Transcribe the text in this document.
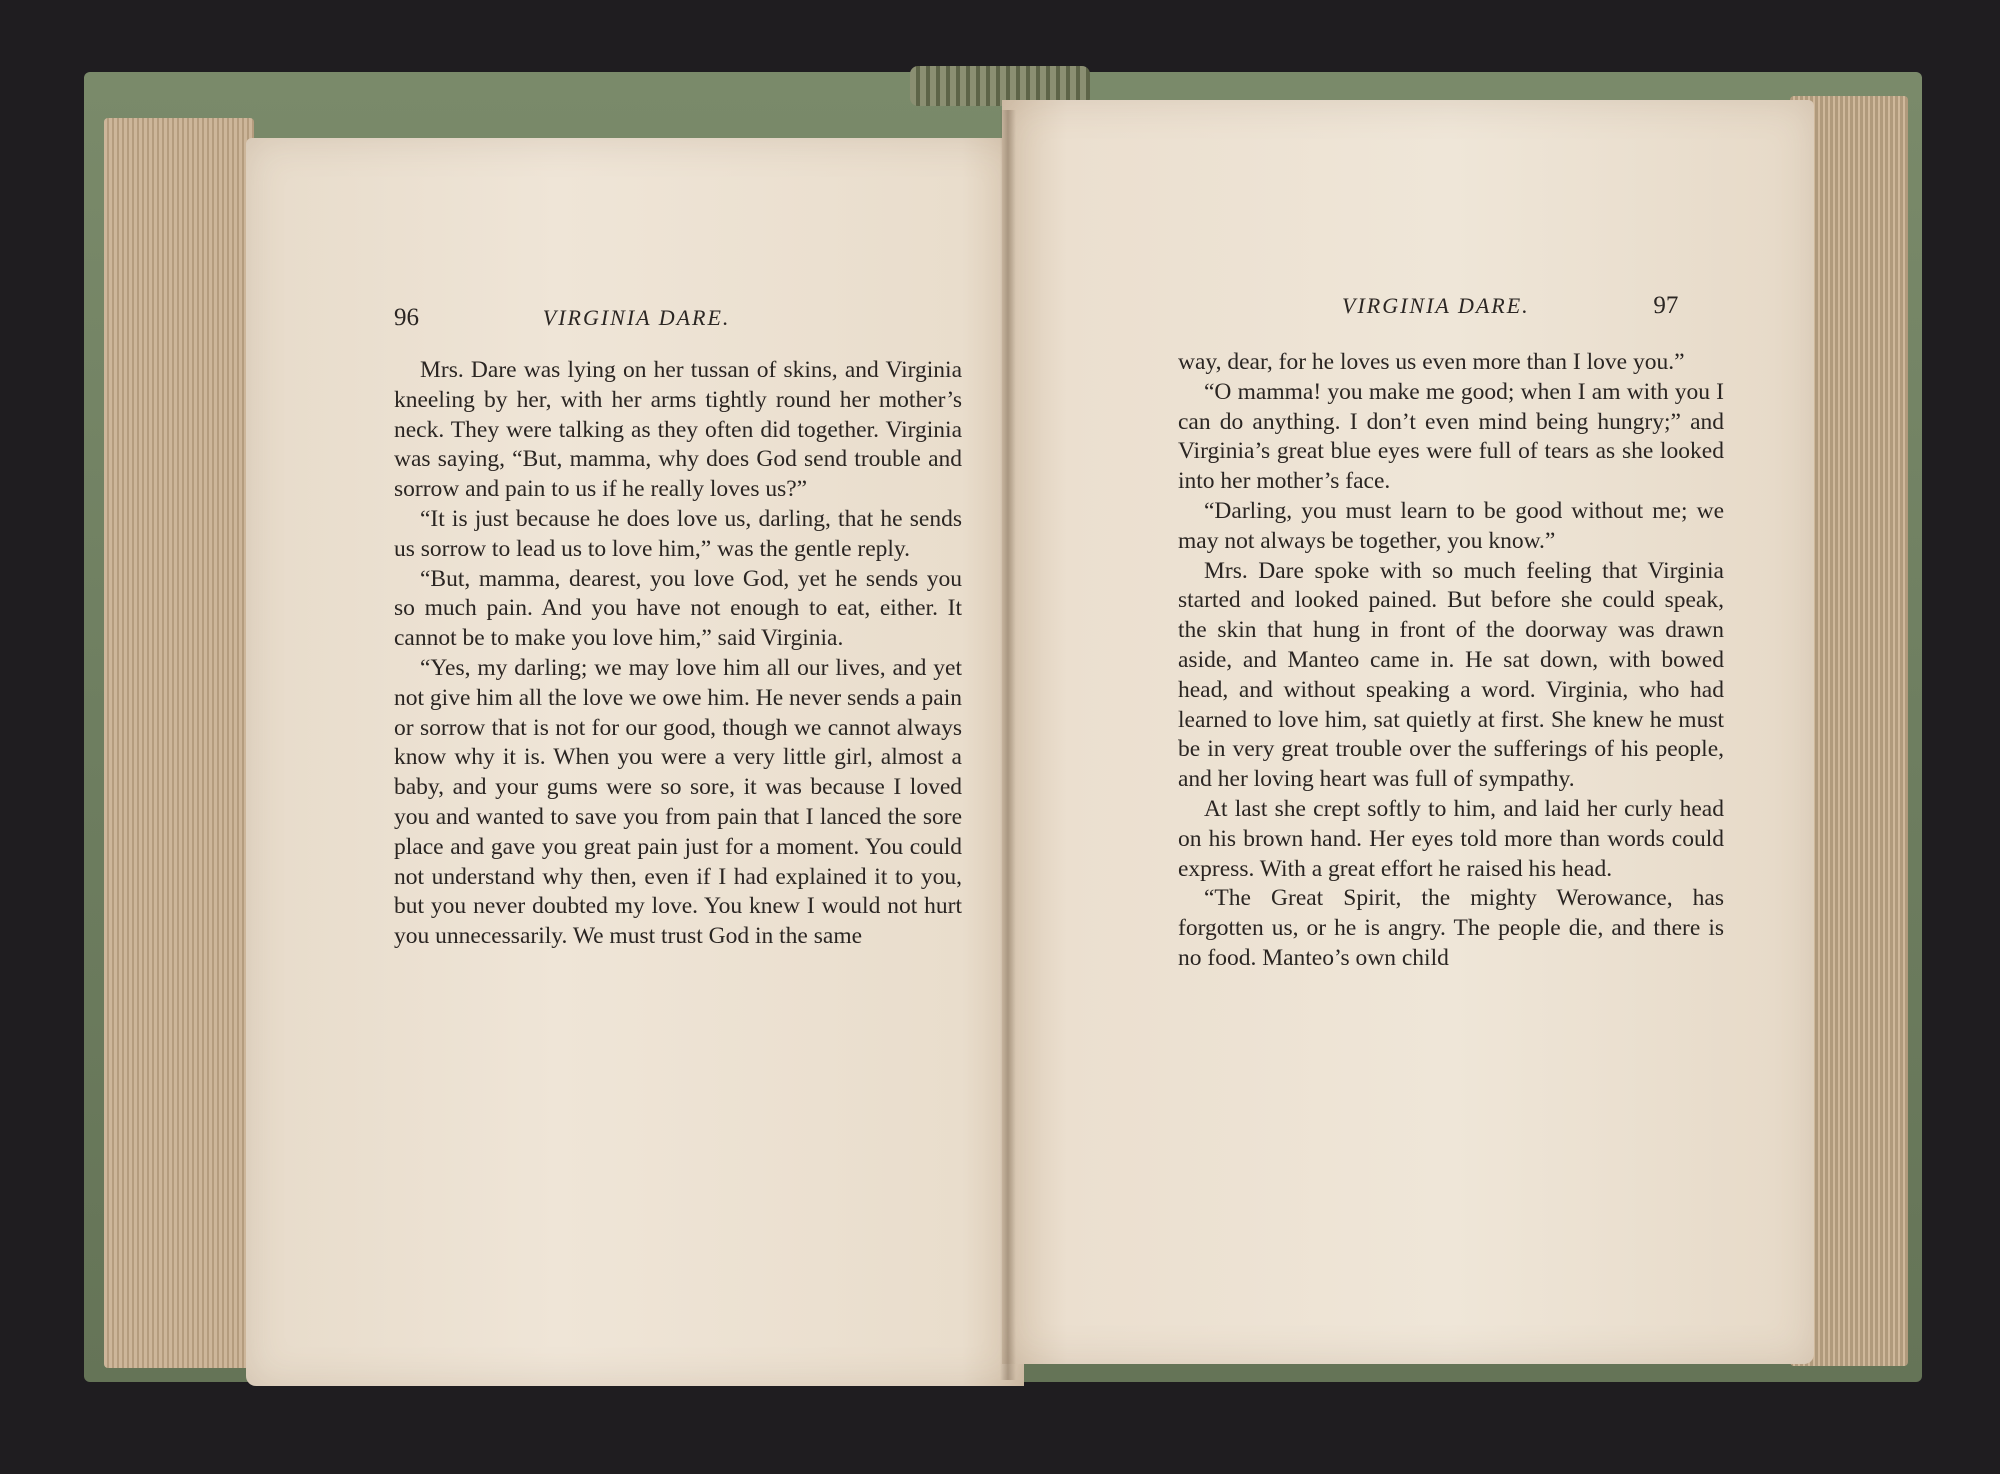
96	VIRGINIA DARE.

Mrs. Dare was lying on her tussan of skins, and Virginia kneeling by her, with her arms tightly round her mother’s neck. They were talking as they often did together. Virginia was saying, “But, mamma, why does God send trouble and sorrow and pain to us if he really loves us?”

“It is just because he does love us, darling, that he sends us sorrow to lead us to love him,” was the gentle reply.

“But, mamma, dearest, you love God, yet he sends you so much pain. And you have not enough to eat, either. It cannot be to make you love him,” said Virginia.

“Yes, my darling; we may love him all our lives, and yet not give him all the love we owe him. He never sends a pain or sorrow that is not for our good, though we cannot always know why it is. When you were a very little girl, almost a baby, and your gums were so sore, it was because I loved you and wanted to save you from pain that I lanced the sore place and gave you great pain just for a moment. You could not understand why then, even if I had explained it to you, but you never doubted my love. You knew I would not hurt you unnecessarily. We must trust God in the same

VIRGINIA DARE.	97

way, dear, for he loves us even more than I love you.”

“O mamma! you make me good; when I am with you I can do anything. I don’t even mind being hungry;” and Virginia’s great blue eyes were full of tears as she looked into her mother’s face.

“Darling, you must learn to be good without me; we may not always be together, you know.”

Mrs. Dare spoke with so much feeling that Virginia started and looked pained. But before she could speak, the skin that hung in front of the doorway was drawn aside, and Manteo came in. He sat down, with bowed head, and without speaking a word. Virginia, who had learned to love him, sat quietly at first. She knew he must be in very great trouble over the sufferings of his people, and her loving heart was full of sympathy.

At last she crept softly to him, and laid her curly head on his brown hand. Her eyes told more than words could express. With a great effort he raised his head.

“The Great Spirit, the mighty Werowance, has forgotten us, or he is angry. The people die, and there is no food. Manteo’s own child
